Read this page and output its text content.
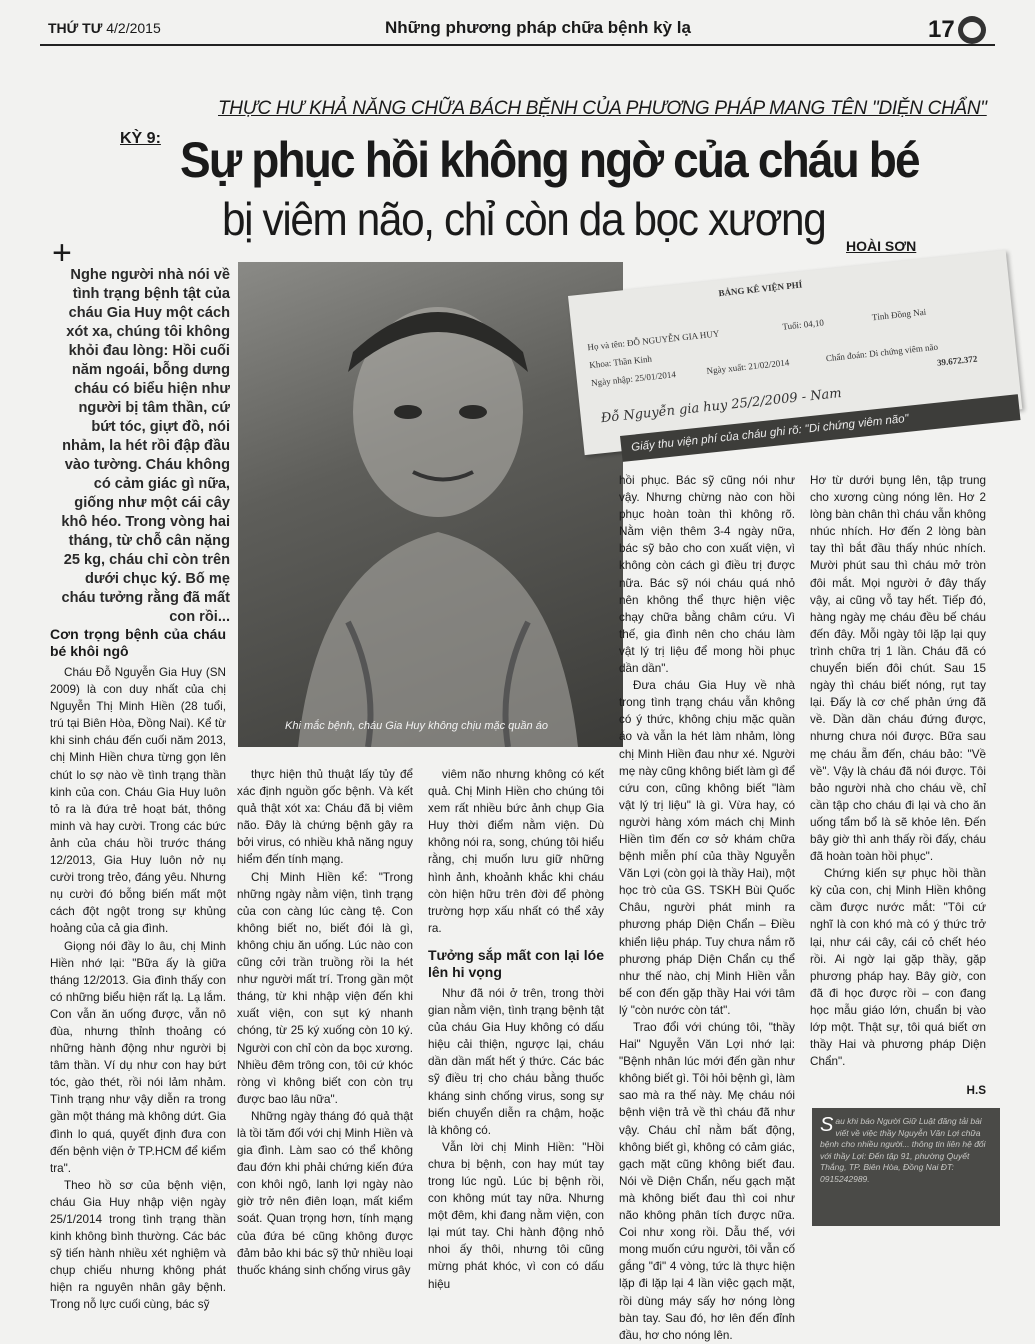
THỨ TƯ 4/2/2015	Những phương pháp chữa bệnh kỳ lạ	17
THỰC HƯ KHẢ NĂNG CHỮA BÁCH BỆNH CỦA PHƯƠNG PHÁP MANG TÊN "DIỆN CHẨN"
KỲ 9: Sự phục hồi không ngờ của cháu bé
bị viêm não, chỉ còn da bọc xương
HOÀI SƠN
+
Nghe người nhà nói về tình trạng bệnh tật của cháu Gia Huy một cách xót xa, chúng tôi không khỏi đau lòng: Hồi cuối năm ngoái, bỗng dưng cháu có biểu hiện như người bị tâm thần, cứ bứt tóc, giựt đồ, nói nhảm, la hét rồi đập đầu vào tường. Cháu không có cảm giác gì nữa, giống như một cái cây khô héo. Trong vòng hai tháng, từ chỗ cân nặng 25 kg, cháu chỉ còn trên dưới chục ký. Bố mẹ cháu tưởng rằng đã mất con rồi...
Khi mắc bệnh, cháu Gia Huy không chịu mặc quần áo
BẢNG KÊ VIỆN PHÍ
Họ và tên: ĐỖ NGUYỄN GIA HUY
Tuổi: 04,10
Tỉnh Đồng Nai
Khoa: Thần Kinh
Ngày nhập: 25/01/2014
Ngày xuất: 21/02/2014
Chẩn đoán: Di chứng viêm não
39.672.372
Đỗ Nguyễn gia huy 25/2/2009 - Nam
Giấy thu viện phí của cháu ghi rõ: "Di chứng viêm não"
Cơn trọng bệnh của cháu bé khôi ngô

Cháu Đỗ Nguyễn Gia Huy (SN 2009) là con duy nhất của chị Nguyễn Thị Minh Hiền (28 tuổi, trú tại Biên Hòa, Đồng Nai). Kể từ khi sinh cháu đến cuối năm 2013, chị Minh Hiền chưa từng gọn lên chút lo sợ nào về tình trạng thần kinh của con. Cháu Gia Huy luôn tỏ ra là đứa trẻ hoạt bát, thông minh và hay cười. Trong các bức ảnh của cháu hồi trước tháng 12/2013, Gia Huy luôn nở nụ cười trong trẻo, đáng yêu. Nhưng nụ cười đó bỗng biến mất một cách đột ngột trong sự khủng hoảng của cả gia đình.

Giọng nói đầy lo âu, chị Minh Hiền nhớ lại: "Bữa ấy là giữa tháng 12/2013. Gia đình thấy con có những biểu hiện rất lạ. Lạ lắm. Con vẫn ăn uống được, vẫn nô đùa, nhưng thỉnh thoảng có những hành động như người bị tâm thần. Ví dụ như con hay bứt tóc, gào thét, rồi nói lảm nhảm. Tình trạng như vậy diễn ra trong gần một tháng mà không dứt. Gia đình lo quá, quyết định đưa con đến bệnh viện ở TP.HCM để kiểm tra".

Theo hồ sơ của bệnh viện, cháu Gia Huy nhập viện ngày 25/1/2014 trong tình trạng thần kinh không bình thường. Các bác sỹ tiến hành nhiều xét nghiệm và chụp chiếu nhưng không phát hiện ra nguyên nhân gây bệnh. Trong nỗ lực cuối cùng, bác sỹ

thực hiện thủ thuật lấy tủy để xác định nguồn gốc bệnh. Và kết quả thật xót xa: Cháu đã bị viêm não. Đây là chứng bệnh gây ra bởi virus, có nhiều khả năng nguy hiểm đến tính mạng.

Chị Minh Hiền kể: "Trong những ngày nằm viện, tình trạng của con càng lúc càng tệ. Con không biết no, biết đói là gì, không chịu ăn uống. Lúc nào con cũng cởi trần truồng rồi la hét như người mất trí. Trong gần một tháng, từ khi nhập viện đến khi xuất viện, con sụt ký nhanh chóng, từ 25 ký xuống còn 10 ký. Người con chỉ còn da bọc xương. Nhiều đêm trông con, tôi cứ khóc ròng vì không biết con còn trụ được bao lâu nữa".

Những ngày tháng đó quả thật là tồi tăm đối với chị Minh Hiền và gia đình. Làm sao có thể không đau đớn khi phải chứng kiến đứa con khôi ngô, lanh lợi ngày nào giờ trở nên điên loạn, mất kiểm soát. Quan trọng hơn, tính mạng của đứa bé cũng không được đảm bảo khi bác sỹ thử nhiều loại thuốc kháng sinh chống virus gây

viêm não nhưng không có kết quả. Chị Minh Hiền cho chúng tôi xem rất nhiều bức ảnh chụp Gia Huy thời điểm nằm viện. Dù không nói ra, song, chúng tôi hiểu rằng, chị muốn lưu giữ những hình ảnh, khoảnh khắc khi cháu còn hiện hữu trên đời để phòng trường hợp xấu nhất có thể xảy ra.

Tưởng sắp mất con lại lóe lên hi vọng

Như đã nói ở trên, trong thời gian nằm viện, tình trạng bệnh tật của cháu Gia Huy không có dấu hiệu cải thiện, ngược lại, cháu dần dần mất hết ý thức. Các bác sỹ điều trị cho cháu bằng thuốc kháng sinh chống virus, song sự biến chuyển diễn ra chậm, hoặc là không có.

Vẫn lời chị Minh Hiền: "Hồi chưa bị bệnh, con hay mút tay trong lúc ngủ. Lúc bị bệnh rồi, con không mút tay nữa. Nhưng một đêm, khi đang nằm viện, con lại mút tay. Chi hành động nhỏ nhoi ấy thôi, nhưng tôi cũng mừng phát khóc, vì con có dấu hiệu

hồi phục. Bác sỹ cũng nói như vậy. Nhưng chừng nào con hồi phục hoàn toàn thì không rõ. Nằm viện thêm 3-4 ngày nữa, bác sỹ bảo cho con xuất viện, vì không còn cách gì điều trị được nữa. Bác sỹ nói cháu quá nhỏ nên không thể thực hiện việc chạy chữa bằng châm cứu. Vì thế, gia đình nên cho cháu làm vật lý trị liệu để mong hồi phục dần dần".

Đưa cháu Gia Huy về nhà trong tình trạng cháu vẫn không có ý thức, không chịu mặc quần áo và vẫn la hét làm nhảm, lòng chị Minh Hiền đau như xé. Người mẹ này cũng không biết làm gì để cứu con, cũng không biết "làm vật lý trị liệu" là gì. Vừa hay, có người hàng xóm mách chị Minh Hiền tìm đến cơ sở khám chữa bệnh miễn phí của thầy Nguyễn Văn Lợi (còn gọi là thầy Hai), một học trò của GS. TSKH Bùi Quốc Châu, người phát minh ra phương pháp Diện Chẩn – Điều khiển liệu pháp. Tuy chưa nắm rõ phương pháp Diện Chẩn cụ thể như thế nào, chị Minh Hiền vẫn bế con đến gặp thầy Hai với tâm lý "còn nước còn tát".

Trao đổi với chúng tôi, "thầy Hai" Nguyễn Văn Lợi nhớ lại: "Bệnh nhân lúc mới đến gần như không biết gì. Tôi hỏi bệnh gì, làm sao mà ra thế này. Mẹ cháu nói bệnh viện trả về thì cháu đã như vậy. Cháu chỉ nằm bất động, không biết gì, không có cảm giác, gạch mặt cũng không biết đau. Nói về Diện Chẩn, nếu gạch mặt mà không biết đau thì coi như não không phân tích được nữa. Coi như xong rồi. Dẫu thế, với mong muốn cứu người, tôi vẫn cố gắng "đi" 4 vòng, tức là thực hiện lặp đi lặp lại 4 lần việc gạch mặt, rồi dùng máy sấy hơ nóng lòng bàn tay. Sau đó, hơ lên đến đỉnh đầu, hơ cho nóng lên.

Hơ từ dưới bụng lên, tập trung cho xương cùng nóng lên. Hơ 2 lòng bàn chân thì cháu vẫn không nhúc nhích. Hơ đến 2 lòng bàn tay thì bắt đầu thấy nhúc nhích. Mười phút sau thì cháu mở tròn đôi mắt. Mọi người ở đây thấy vậy, ai cũng vỗ tay hết. Tiếp đó, hàng ngày mẹ cháu đều bế cháu đến đây. Mỗi ngày tôi lặp lại quy trình chữa trị 1 lần. Cháu đã có chuyển biến đôi chút. Sau 15 ngày thì cháu biết nóng, rụt tay lại. Đấy là cơ chế phản ứng đã về. Dần dần cháu đứng được, nhưng chưa nói được. Bữa sau mẹ cháu ẵm đến, cháu bảo: "Về về". Vậy là cháu đã nói được. Tôi bảo người nhà cho cháu về, chỉ cần tập cho cháu đi lại và cho ăn uống tẩm bổ là sẽ khỏe lên. Đến bây giờ thì anh thấy rồi đấy, cháu đã hoàn toàn hồi phục".

Chứng kiến sự phục hồi thần kỳ của con, chị Minh Hiền không cầm được nước mắt: "Tôi cứ nghĩ là con khó mà có ý thức trở lại, như cái cây, cái cỏ chết héo rồi. Ai ngờ lại gặp thầy, gặp phương pháp hay. Bây giờ, con đã đi học được rồi – con đang học mẫu giáo lớn, chuẩn bị vào lớp một. Thật sự, tôi quá biết ơn thầy Hai và phương pháp Diện Chẩn".

H.S
Sau khi báo Người Giữ Luật đăng tải bài viết về việc thầy Nguyễn Văn Lợi chữa bệnh cho nhiều người... thông tin liên hệ đối với thầy Lợi: Đến tập 91, phường Quyết Thắng, TP. Biên Hòa, Đồng Nai ĐT: 0915242989.
